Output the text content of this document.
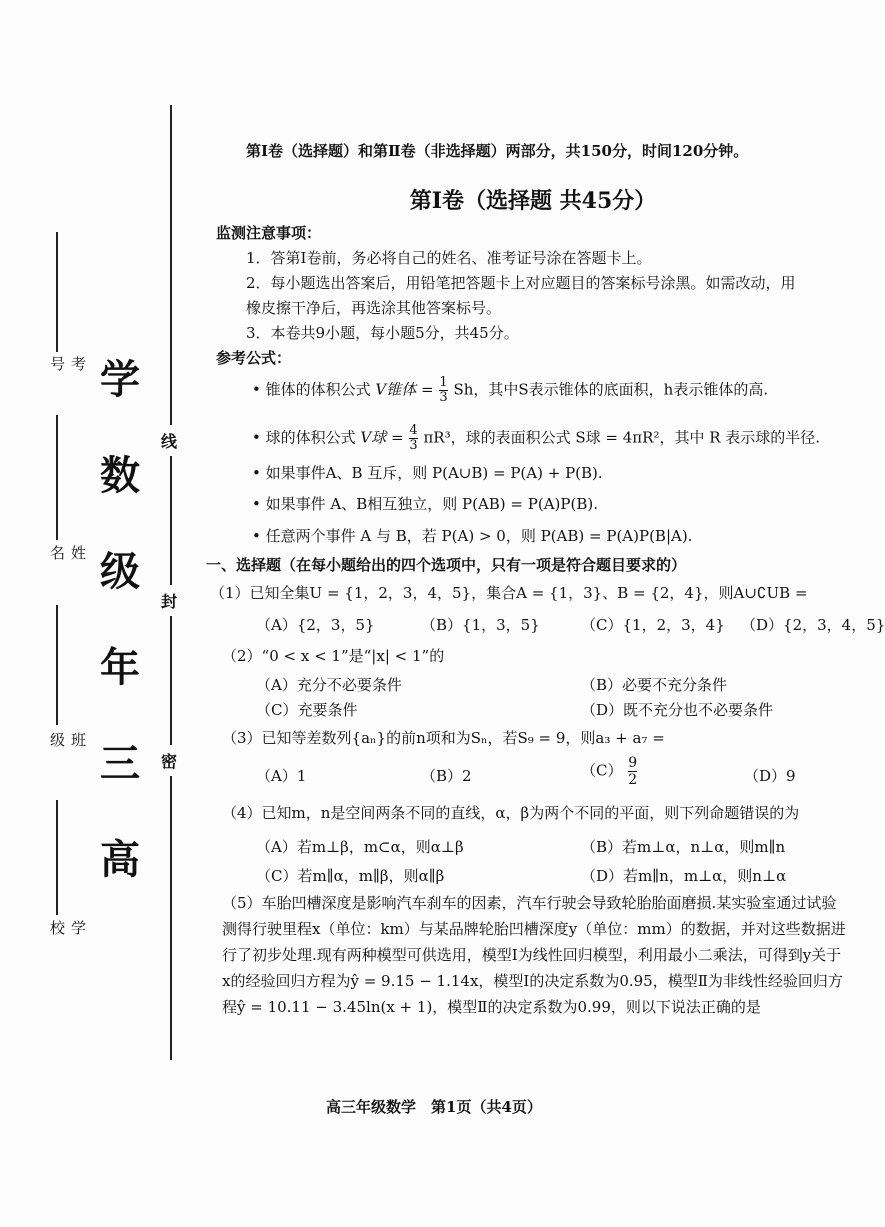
线
封
密
考号
姓名
班级
学校
学
数
级
年
三
高
第Ⅰ卷（选择题）和第Ⅱ卷（非选择题）两部分，共150分，时间120分钟。
第Ⅰ卷（选择题 共45分）
监测注意事项：
1．答第Ⅰ卷前，务必将自己的姓名、准考证号涂在答题卡上。
2．每小题选出答案后，用铅笔把答题卡上对应题目的答案标号涂黑。如需改动，用
橡皮擦干净后，再选涂其他答案标号。
3．本卷共9小题，每小题5分，共45分。
参考公式：
• 锥体的体积公式 V锥体 = $\frac{1}{3}$ Sh，其中S表示锥体的底面积，h表示锥体的高.
• 球的体积公式 V球 = $\frac{4}{3} \pi R^3$，球的表面积公式 S球 = 4πR²，其中 R 表示球的半径.
• 如果事件A、B 互斥，则 P(A∪B) = P(A) + P(B).
• 如果事件 A、B相互独立，则 P(AB) = P(A)P(B).
• 任意两个事件 A 与 B，若 P(A) > 0，则 P(AB) = P(A)P(B|A).
一、选择题（在每小题给出的四个选项中，只有一项是符合题目要求的）
（1）已知全集U = {1，2，3，4，5}，集合A = {1，3}、B = {2，4}，则A∪∁UB =
（A）{2，3，5}	（B）{1，3，5}	（C）{1，2，3，4} （D）{2，3，4，5}
（2）“0 < x < 1”是“|x| < 1”的
（A）充分不必要条件	（B）必要不充分条件
（C）充要条件	（D）既不充分也不必要条件
（3）已知等差数列{aₙ}的前n项和为Sₙ，若S₉ = 9，则a₃ + a₇ =
（A）1	（B）2	$(C) \frac{9}{2}$	（D）9
（4）已知m，n是空间两条不同的直线，α，β为两个不同的平面，则下列命题错误的为
（A）若m⊥β，m⊂α，则α⊥β	（B）若m⊥α，n⊥α，则m∥n
（C）若m∥α，m∥β，则α∥β	（D）若m∥n，m⊥α，则n⊥α
（5）车胎凹槽深度是影响汽车刹车的因素，汽车行驶会导致轮胎胎面磨损.某实验室通过试验测得行驶里程x（单位：km）与某品牌轮胎凹槽深度y（单位：mm）的数据，并对这些数据进行了初步处理.现有两种模型可供选用，模型Ⅰ为线性回归模型，利用最小二乘法，可得到y关于x的经验回归方程为ŷ = 9.15 − 1.14x，模型Ⅰ的决定系数为0.95，模型Ⅱ为非线性经验回归方程ŷ = 10.11 − 3.45ln(x + 1)，模型Ⅱ的决定系数为0.99，则以下说法正确的是
高三年级数学　第1页（共4页）
